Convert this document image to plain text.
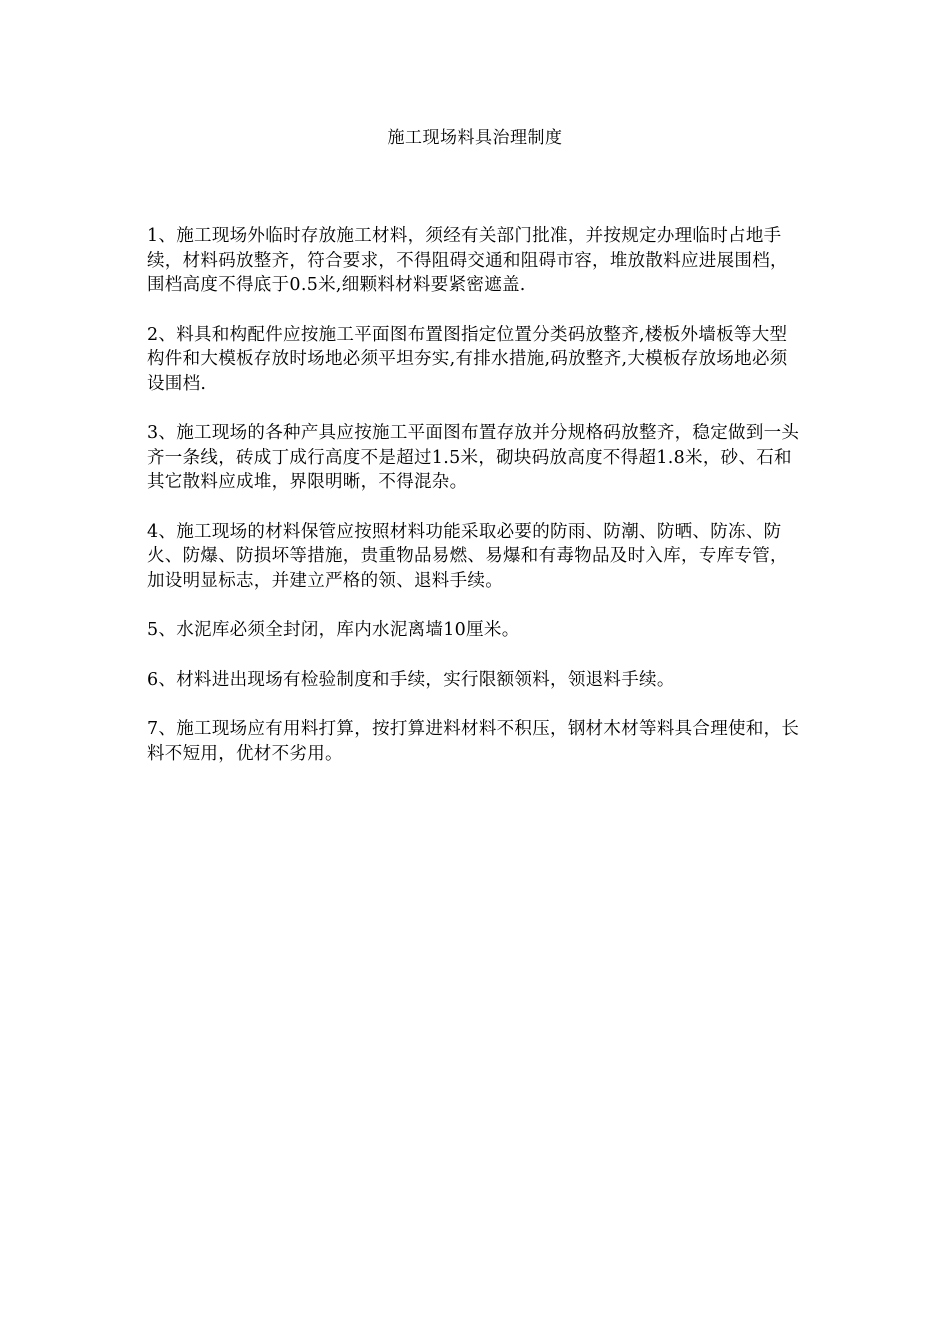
施工现场料具治理制度

1、施工现场外临时存放施工材料，须经有关部门批准，并按规定办理临时占地手续，材料码放整齐，符合要求，不得阻碍交通和阻碍市容，堆放散料应进展围档，围档高度不得底于0.5米,细颗料材料要紧密遮盖.

2、料具和构配件应按施工平面图布置图指定位置分类码放整齐,楼板外墙板等大型构件和大模板存放时场地必须平坦夯实,有排水措施,码放整齐,大模板存放场地必须设围档.

3、施工现场的各种产具应按施工平面图布置存放并分规格码放整齐，稳定做到一头齐一条线，砖成丁成行高度不是超过1.5米，砌块码放高度不得超1.8米，砂、石和其它散料应成堆，界限明晰，不得混杂。

4、施工现场的材料保管应按照材料功能采取必要的防雨、防潮、防晒、防冻、防火、防爆、防损坏等措施，贵重物品易燃、易爆和有毒物品及时入库，专库专管，加设明显标志，并建立严格的领、退料手续。

5、水泥库必须全封闭，库内水泥离墙10厘米。

6、材料进出现场有检验制度和手续，实行限额领料，领退料手续。

7、施工现场应有用料打算，按打算进料材料不积压，钢材木材等料具合理使和，长料不短用，优材不劣用。
